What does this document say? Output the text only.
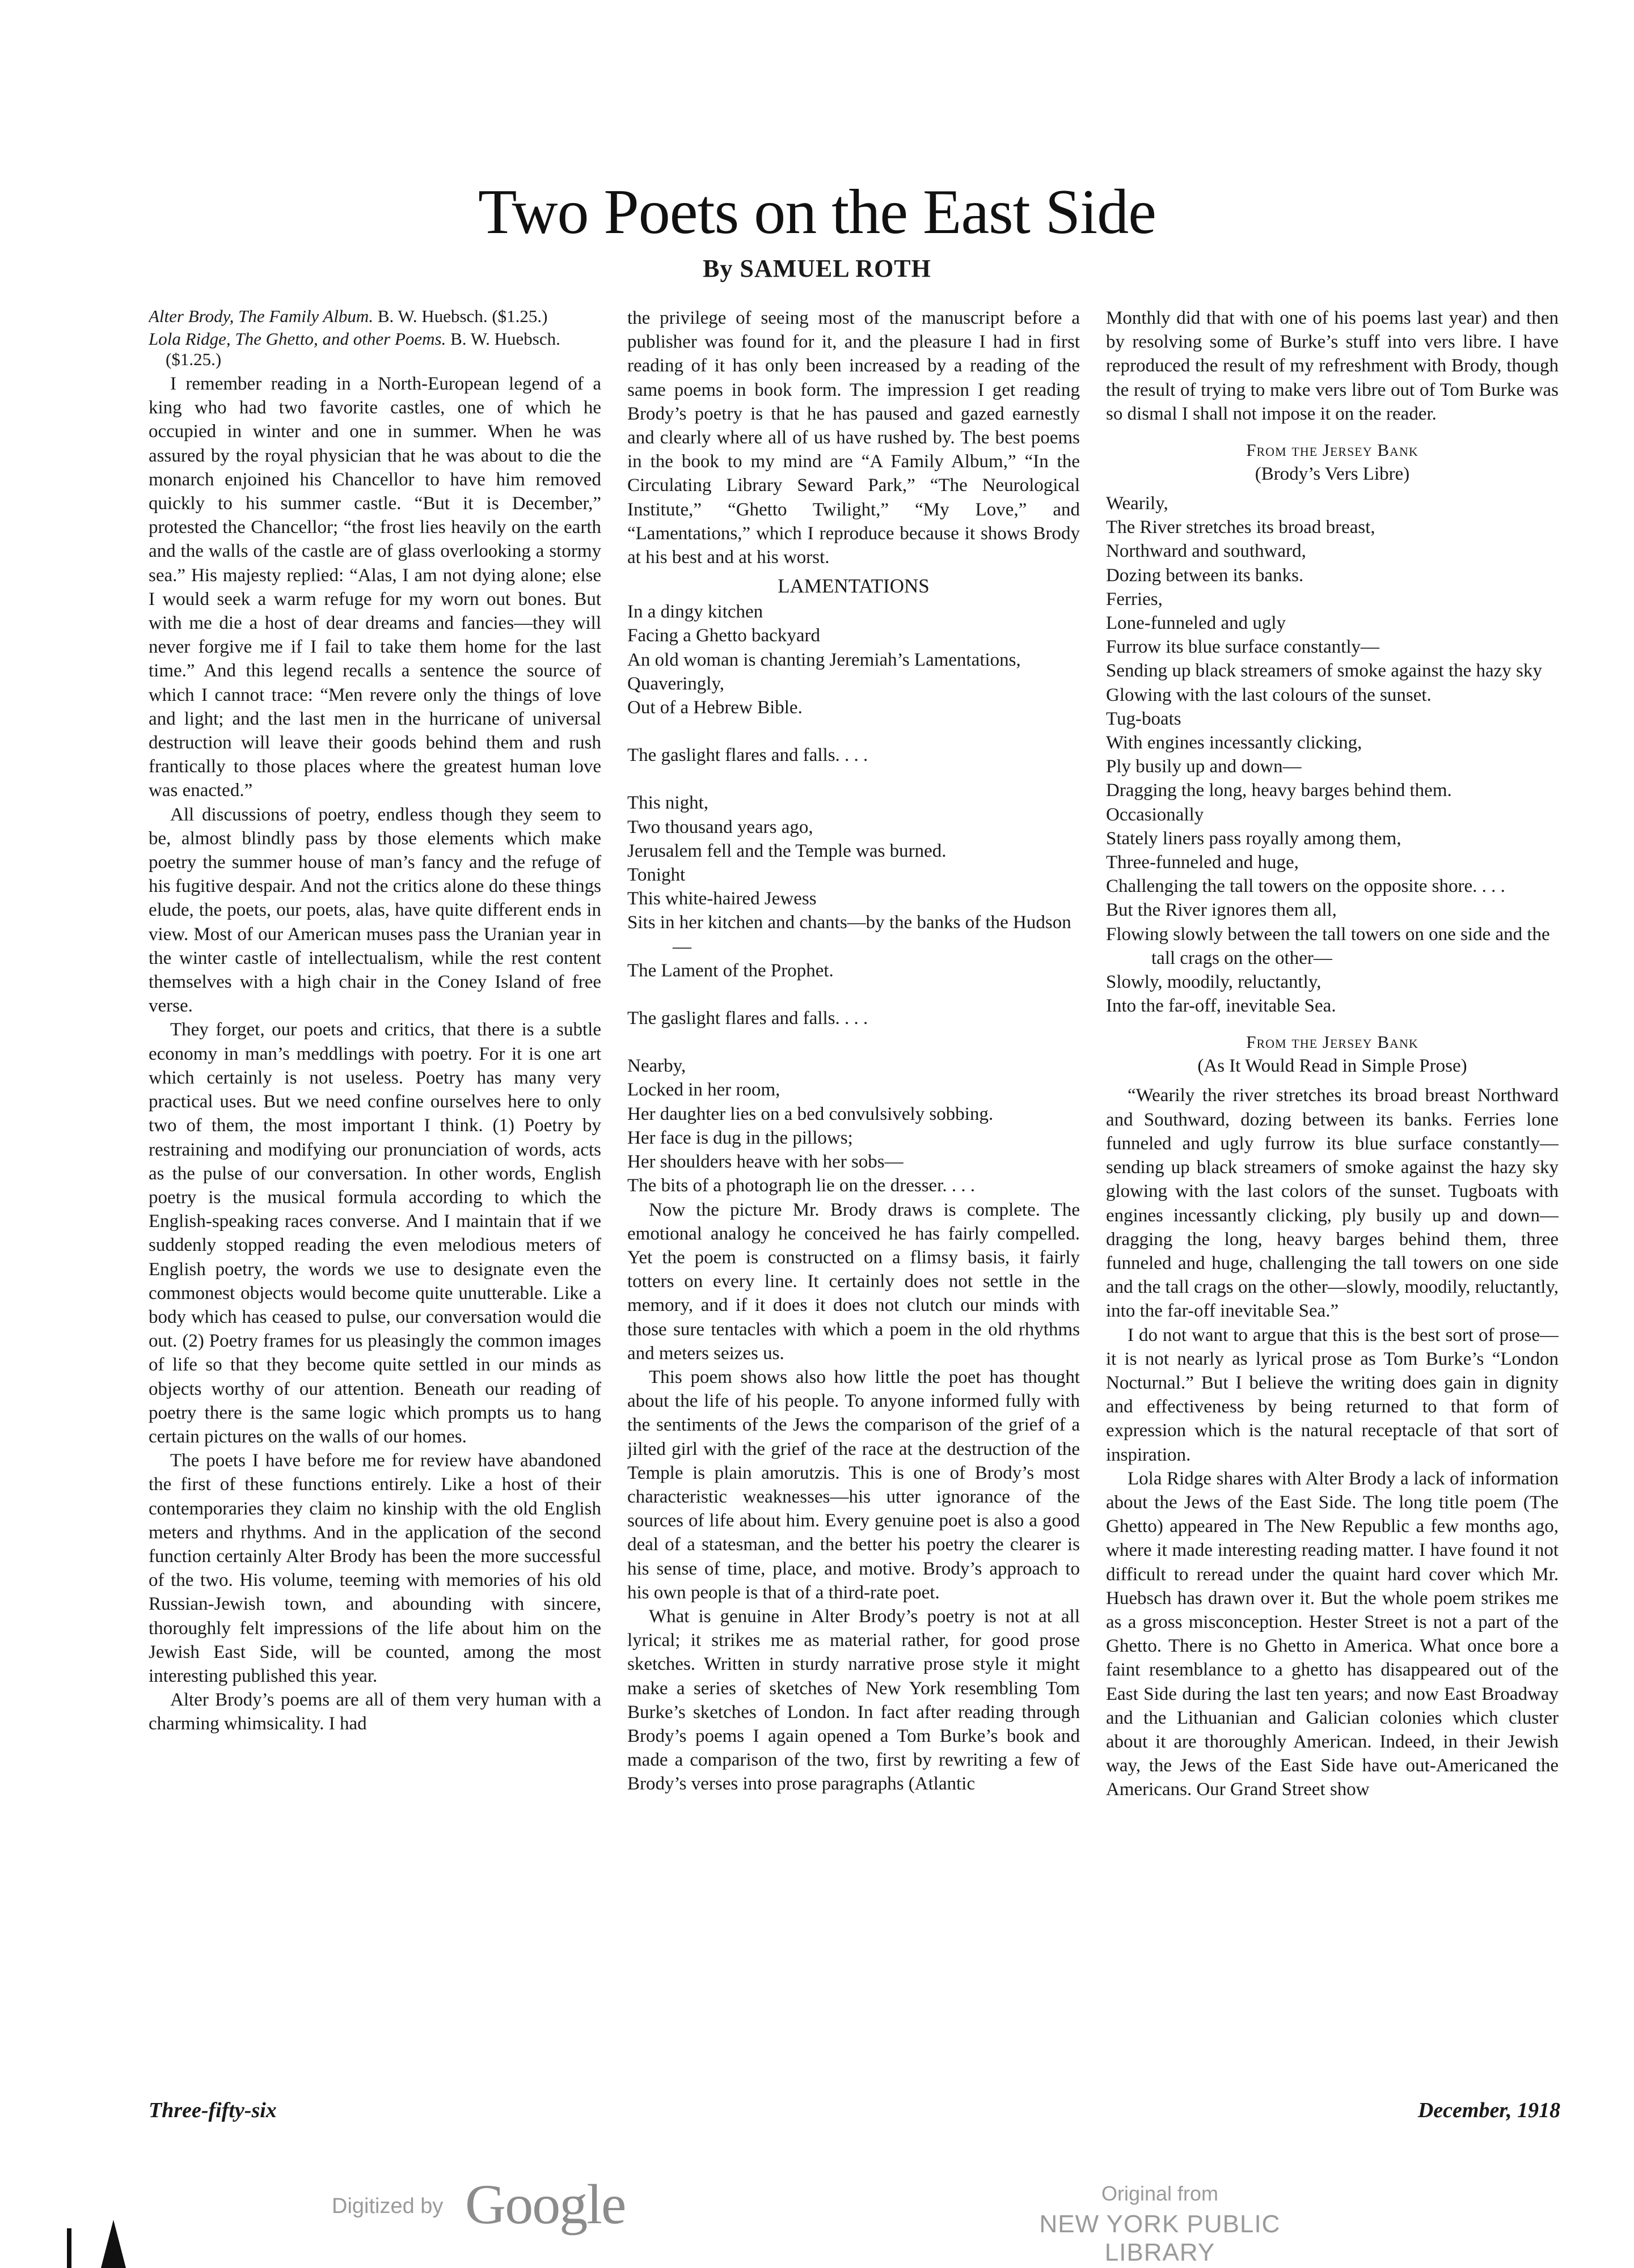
Two Poets on the East Side
By SAMUEL ROTH

Alter Brody, The Family Album. B. W. Huebsch. ($1.25.)

Lola Ridge, The Ghetto, and other Poems. B. W. Huebsch. ($1.25.)

I remember reading in a North-European legend of a king who had two favorite castles, one of which he occupied in winter and one in summer. When he was assured by the royal physician that he was about to die the monarch enjoined his Chancellor to have him removed quickly to his summer castle. “But it is December,” protested the Chancellor; “the frost lies heavily on the earth and the walls of the castle are of glass overlooking a stormy sea.” His majesty replied: “Alas, I am not dying alone; else I would seek a warm refuge for my worn out bones. But with me die a host of dear dreams and fancies—they will never forgive me if I fail to take them home for the last time.” And this legend recalls a sentence the source of which I cannot trace: “Men revere only the things of love and light; and the last men in the hurricane of universal destruction will leave their goods behind them and rush frantically to those places where the greatest human love was enacted.”

All discussions of poetry, endless though they seem to be, almost blindly pass by those elements which make poetry the summer house of man’s fancy and the refuge of his fugitive despair. And not the critics alone do these things elude, the poets, our poets, alas, have quite different ends in view. Most of our American muses pass the Uranian year in the winter castle of intellectualism, while the rest content themselves with a high chair in the Coney Island of free verse.

They forget, our poets and critics, that there is a subtle economy in man’s meddlings with poetry. For it is one art which certainly is not useless. Poetry has many very practical uses. But we need confine ourselves here to only two of them, the most important I think. (1) Poetry by restraining and modifying our pronunciation of words, acts as the pulse of our conversation. In other words, English poetry is the musical formula according to which the English-speaking races converse. And I maintain that if we suddenly stopped reading the even melodious meters of English poetry, the words we use to designate even the commonest objects would become quite unutterable. Like a body which has ceased to pulse, our conversation would die out. (2) Poetry frames for us pleasingly the common images of life so that they become quite settled in our minds as objects worthy of our attention. Beneath our reading of poetry there is the same logic which prompts us to hang certain pictures on the walls of our homes.

The poets I have before me for review have abandoned the first of these functions entirely. Like a host of their contemporaries they claim no kinship with the old English meters and rhythms. And in the application of the second function certainly Alter Brody has been the more successful of the two. His volume, teeming with memories of his old Russian-Jewish town, and abounding with sincere, thoroughly felt impressions of the life about him on the Jewish East Side, will be counted, among the most interesting published this year.

Alter Brody’s poems are all of them very human with a charming whimsicality. I had

the privilege of seeing most of the manuscript before a publisher was found for it, and the pleasure I had in first reading of it has only been increased by a reading of the same poems in book form. The impression I get reading Brody’s poetry is that he has paused and gazed earnestly and clearly where all of us have rushed by. The best poems in the book to my mind are “A Family Album,” “In the Circulating Library Seward Park,” “The Neurological Institute,” “Ghetto Twilight,” “My Love,” and “Lamentations,” which I reproduce because it shows Brody at his best and at his worst.

LAMENTATIONS
In a dingy kitchen
Facing a Ghetto backyard
An old woman is chanting Jeremiah’s Lamentations,
Quaveringly,
Out of a Hebrew Bible.
The gaslight flares and falls. . . .
This night,
Two thousand years ago,
Jerusalem fell and the Temple was burned.
Tonight
This white-haired Jewess
Sits in her kitchen and chants—by the banks of the Hudson—
The Lament of the Prophet.
The gaslight flares and falls. . . .
Nearby,
Locked in her room,
Her daughter lies on a bed convulsively sobbing.
Her face is dug in the pillows;
Her shoulders heave with her sobs—
The bits of a photograph lie on the dresser. . . .

Now the picture Mr. Brody draws is complete. The emotional analogy he conceived he has fairly compelled. Yet the poem is constructed on a flimsy basis, it fairly totters on every line. It certainly does not settle in the memory, and if it does it does not clutch our minds with those sure tentacles with which a poem in the old rhythms and meters seizes us.

This poem shows also how little the poet has thought about the life of his people. To anyone informed fully with the sentiments of the Jews the comparison of the grief of a jilted girl with the grief of the race at the destruction of the Temple is plain amorutzis. This is one of Brody’s most characteristic weaknesses—his utter ignorance of the sources of life about him. Every genuine poet is also a good deal of a statesman, and the better his poetry the clearer is his sense of time, place, and motive. Brody’s approach to his own people is that of a third-rate poet.

What is genuine in Alter Brody’s poetry is not at all lyrical; it strikes me as material rather, for good prose sketches. Written in sturdy narrative prose style it might make a series of sketches of New York resembling Tom Burke’s sketches of London. In fact after reading through Brody’s poems I again opened a Tom Burke’s book and made a comparison of the two, first by rewriting a few of Brody’s verses into prose paragraphs (Atlantic

Monthly did that with one of his poems last year) and then by resolving some of Burke’s stuff into vers libre. I have reproduced the result of my refreshment with Brody, though the result of trying to make vers libre out of Tom Burke was so dismal I shall not impose it on the reader.

From the Jersey Bank
(Brody’s Vers Libre)
Wearily,
The River stretches its broad breast,
Northward and southward,
Dozing between its banks.
Ferries,
Lone-funneled and ugly
Furrow its blue surface constantly—
Sending up black streamers of smoke against the hazy sky
Glowing with the last colours of the sunset.
Tug-boats
With engines incessantly clicking,
Ply busily up and down—
Dragging the long, heavy barges behind them.
Occasionally
Stately liners pass royally among them,
Three-funneled and huge,
Challenging the tall towers on the opposite shore. . . .
But the River ignores them all,
Flowing slowly between the tall towers on one side and the tall crags on the other—
Slowly, moodily, reluctantly,
Into the far-off, inevitable Sea.
From the Jersey Bank
(As It Would Read in Simple Prose)

“Wearily the river stretches its broad breast Northward and Southward, dozing between its banks. Ferries lone funneled and ugly furrow its blue surface constantly—sending up black streamers of smoke against the hazy sky glowing with the last colors of the sunset. Tugboats with engines incessantly clicking, ply busily up and down—dragging the long, heavy barges behind them, three funneled and huge, challenging the tall towers on one side and the tall crags on the other—slowly, moodily, reluctantly, into the far-off inevitable Sea.”

I do not want to argue that this is the best sort of prose—it is not nearly as lyrical prose as Tom Burke’s “London Nocturnal.” But I believe the writing does gain in dignity and effectiveness by being returned to that form of expression which is the natural receptacle of that sort of inspiration.

Lola Ridge shares with Alter Brody a lack of information about the Jews of the East Side. The long title poem (The Ghetto) appeared in The New Republic a few months ago, where it made interesting reading matter. I have found it not difficult to reread under the quaint hard cover which Mr. Huebsch has drawn over it. But the whole poem strikes me as a gross misconception. Hester Street is not a part of the Ghetto. There is no Ghetto in America. What once bore a faint resemblance to a ghetto has disappeared out of the East Side during the last ten years; and now East Broadway and the Lithuanian and Galician colonies which cluster about it are thoroughly American. Indeed, in their Jewish way, the Jews of the East Side have out-Americaned the Americans. Our Grand Street show

Three-fifty-six	December, 1918
Digitized by Google	Original from
NEW YORK PUBLIC LIBRARY
